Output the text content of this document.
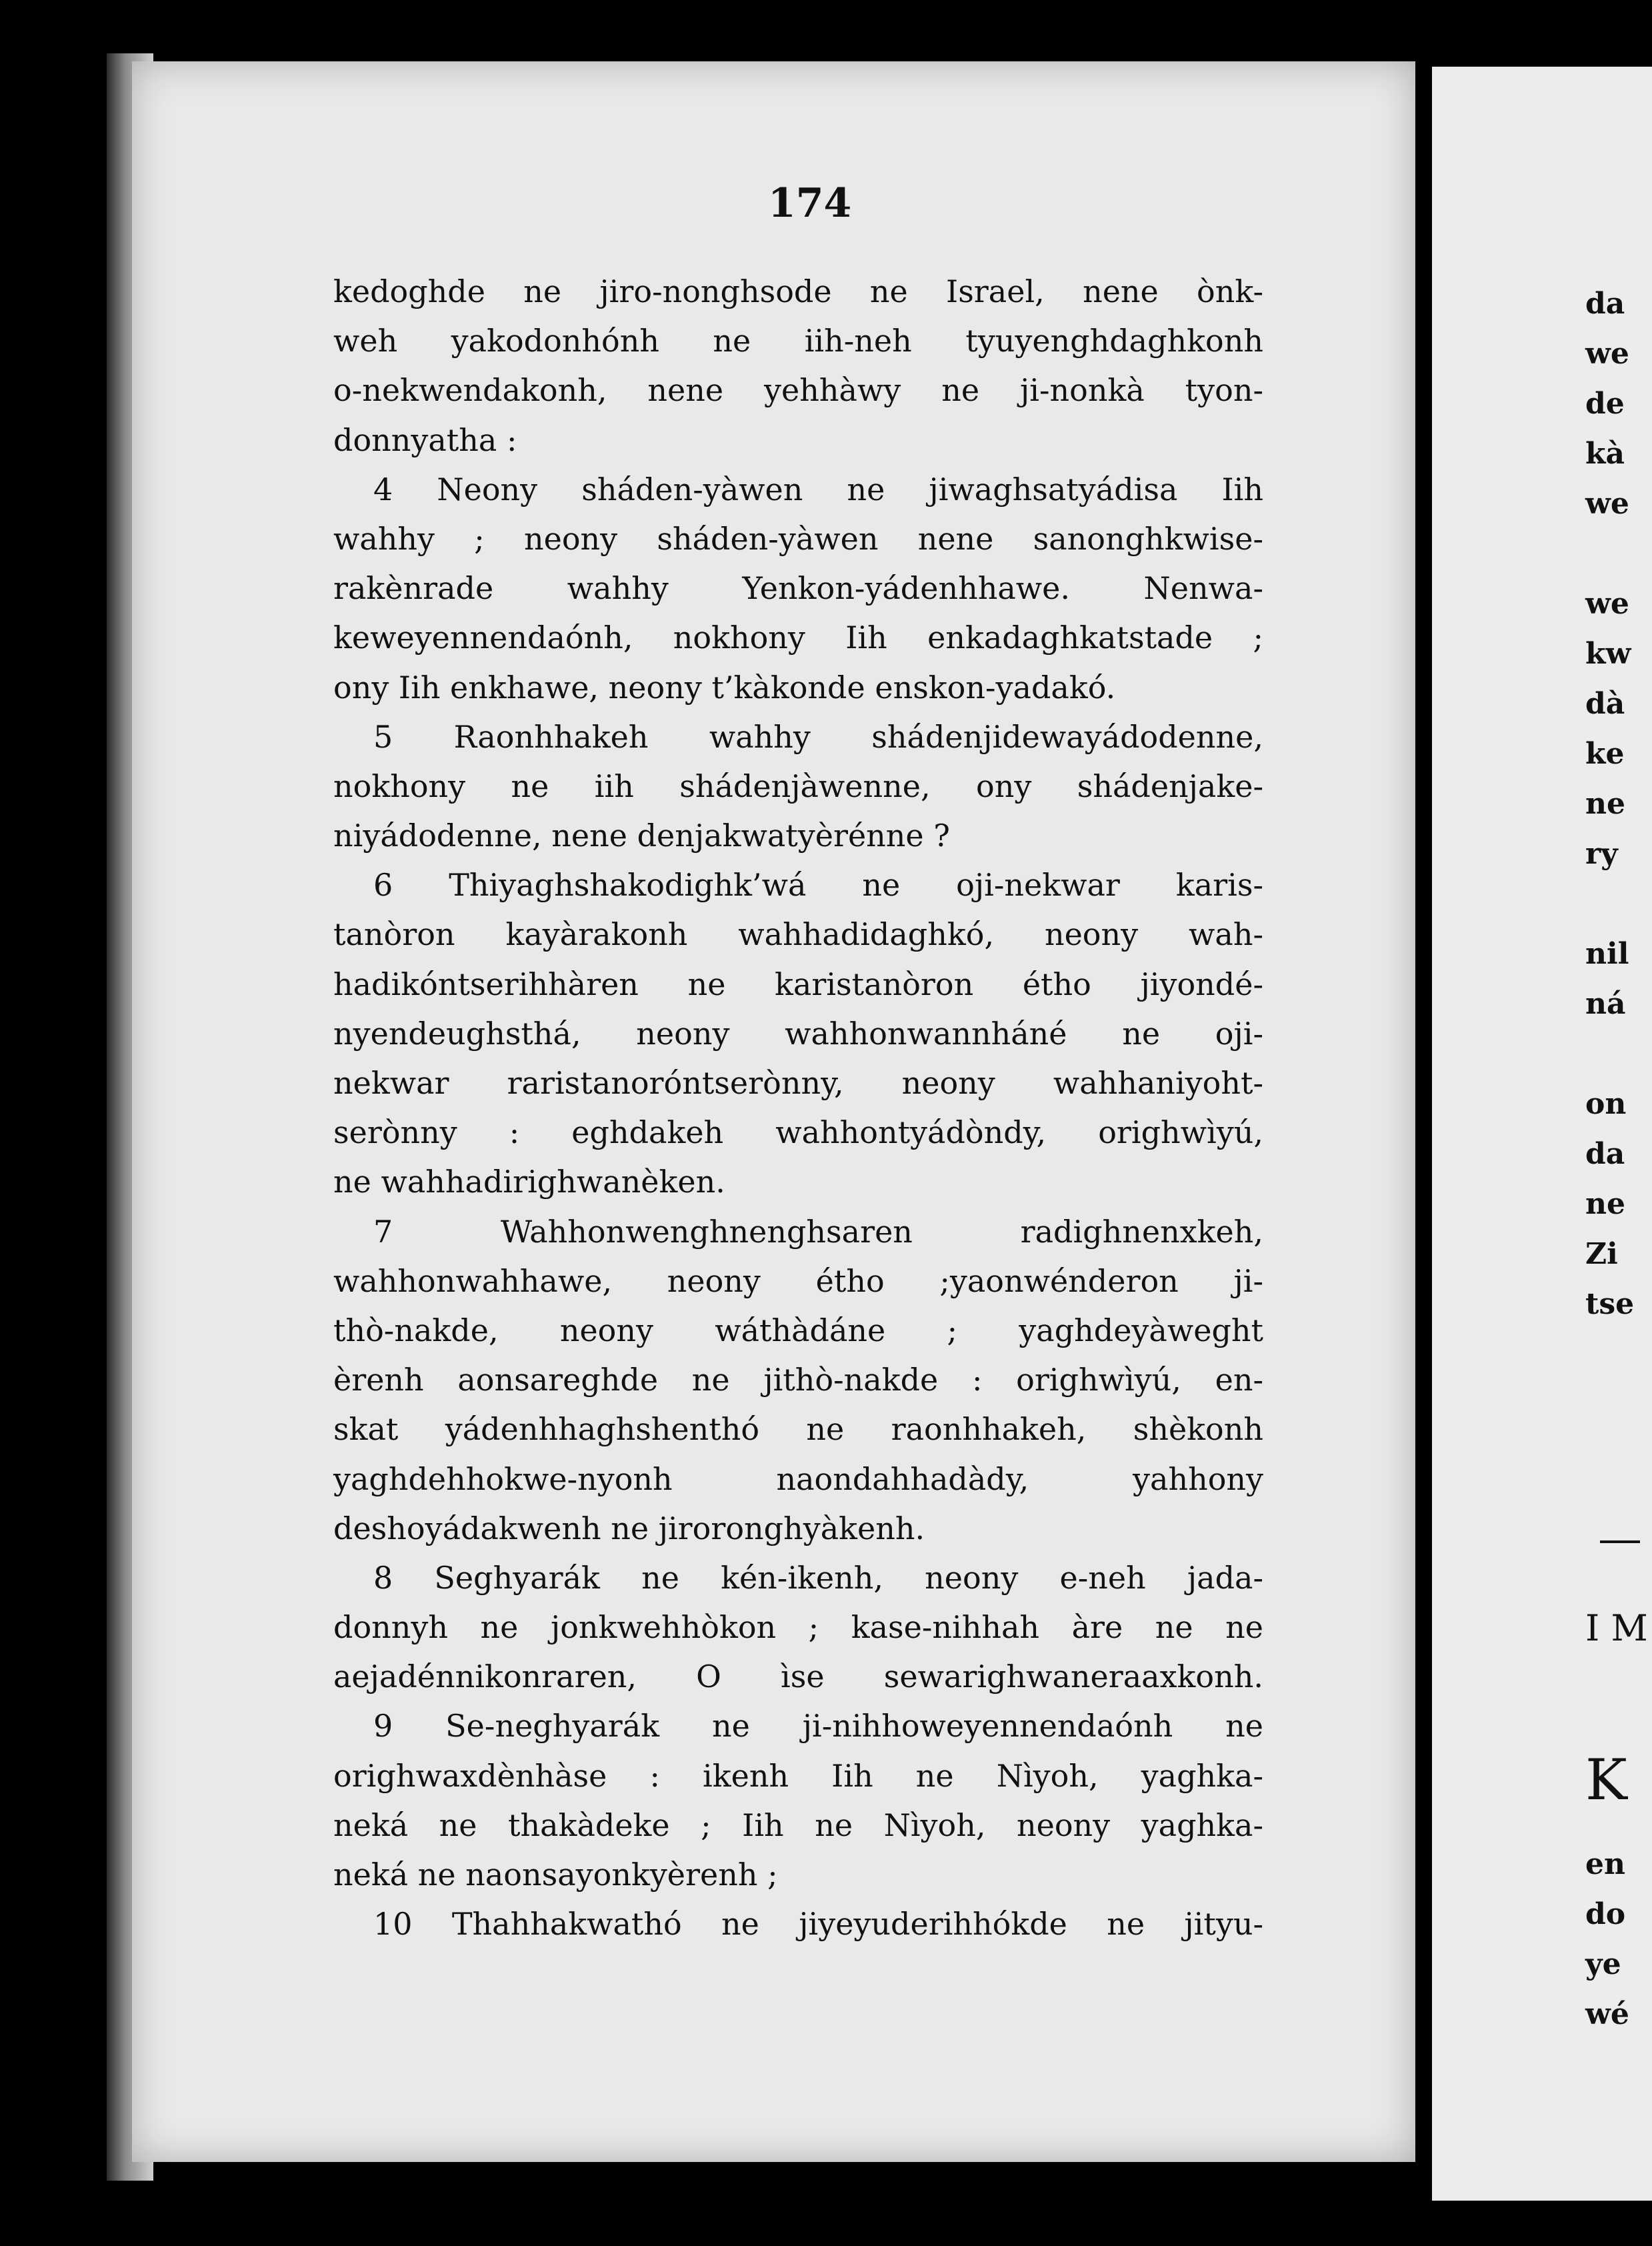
174
kedoghde ne jiro-nonghsode ne Israel, nene ònk-
weh yakodonhónh ne iih-neh tyuyenghdaghkonh
o-nekwendakonh, nene yehhàwy ne ji-nonkà tyon-
donnyatha :
4 Neony sháden-yàwen ne jiwaghsatyádisa Iih
wahhy ; neony sháden-yàwen nene sanonghkwise-
rakènrade wahhy Yenkon-yádenhhawe. Nenwa-
keweyennendaónh, nokhony Iih enkadaghkatstade ;
ony Iih enkhawe, neony t’kàkonde enskon-yadakó.
5 Raonhhakeh wahhy shádenjidewayádodenne,
nokhony ne iih shádenjàwenne, ony shádenjake-
niyádodenne, nene denjakwatyèrénne ?
6 Thiyaghshakodighk’wá ne oji-nekwar karis-
tanòron kayàrakonh wahhadidaghkó, neony wah-
hadikóntserihhàren ne karistanòron étho jiyondé-
nyendeughsthá, neony wahhonwannháné ne oji-
nekwar raristanoróntserònny, neony wahhaniyoht-
serònny : eghdakeh wahhontyádòndy, orighwìyú,
ne wahhadirighwanèken.
7 Wahhonwenghnenghsaren radighnenxkeh,
wahhonwahhawe, neony étho ;yaonwénderon ji-
thò-nakde, neony wáthàdáne ; yaghdeyàweght
èrenh aonsareghde ne jithò-nakde : orighwìyú, en-
skat yádenhhaghshenthó ne raonhhakeh, shèkonh
yaghdehhokwe-nyonh naondahhadàdy, yahhony
deshoyádakwenh ne jiroronghyàkenh.
8 Seghyarák ne kén-ikenh, neony e-neh jada-
donnyh ne jonkwehhòkon ; kase-nihhah àre ne ne
aejadénnikonraren, O ìse sewarighwaneraaxkonh.
9 Se-neghyarák ne ji-nihhoweyennendaónh ne
orighwaxdènhàse : ikenh Iih ne Nìyoh, yaghka-
neká ne thakàdeke ; Iih ne Nìyoh, neony yaghka-
neká ne naonsayonkyèrenh ;
10 Thahhakwathó ne jiyeyuderihhókde ne jityu-
da
we
de
kà
we
we
kw
dà
ke
ne
ry
nil
ná
on
da
ne
Zi
tse
I M
K
en
do
ye
wé
